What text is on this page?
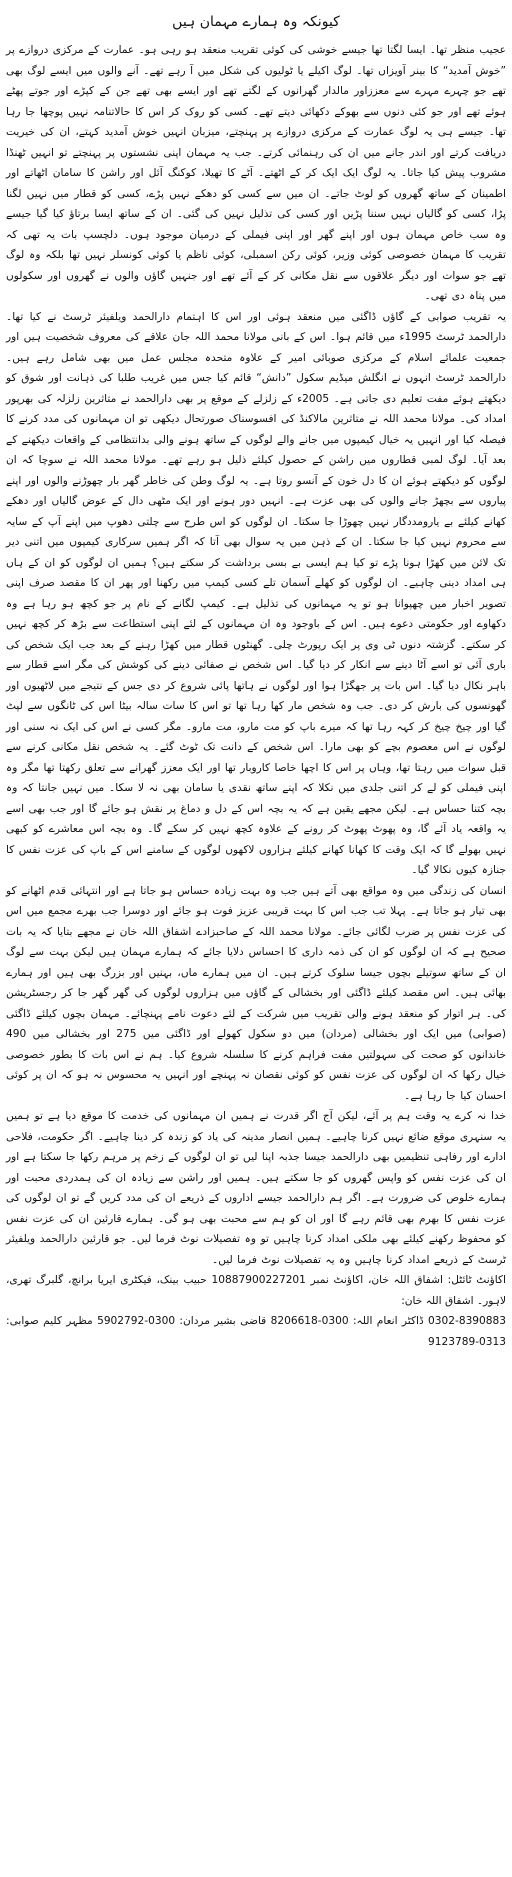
کیونکہ وہ ہمارے مہمان ہیں

عجیب منظر تھا۔ ایسا لگتا تھا جیسے خوشی کی کوئی تقریب منعقد ہو رہی ہو۔ عمارت کے مرکزی دروازے پر ”خوش آمدید“ کا بینر آویزاں تھا۔ لوگ اکیلے یا ٹولیوں کی شکل میں آ رہے تھے۔ آنے والوں میں ایسے لوگ بھی تھے جو چہرے مہرے سے معززاور مالدار گھرانوں کے لگتے تھے اور ایسے بھی تھے جن کے کپڑے اور جوتے پھٹے ہوئے تھے اور جو کئی دنوں سے بھوکے دکھائی دیتے تھے۔ کسی کو روک کر اس کا حالاتنامہ نہیں پوچھا جا رہا تھا۔ جیسے ہی یہ لوگ عمارت کے مرکزی دروازے پر پہنچتے، میزبان انہیں خوش آمدید کہتے، ان کی خیریت دریافت کرتے اور اندر جانے میں ان کی رہنمائی کرتے۔ جب یہ مہمان اپنی نشستوں پر پہنچتے تو انہیں ٹھنڈا مشروب پیش کیا جاتا۔ یہ لوگ ایک ایک کر کے اٹھتے۔ آٹے کا تھیلا، کوکنگ آئل اور راشن کا سامان اٹھاتے اور اطمینان کے ساتھ گھروں کو لوٹ جاتے۔ ان میں سے کسی کو دھکے نہیں پڑے، کسی کو قطار میں نہیں لگنا پڑا، کسی کو گالیاں نہیں سننا پڑیں اور کسی کی تذلیل نہیں کی گئی۔ ان کے ساتھ ایسا برتاؤ کیا گیا جیسے وہ سب خاص مہمان ہوں اور اپنے گھر اور اپنی فیملی کے درمیان موجود ہوں۔ دلچسپ بات یہ تھی کہ تقریب کا مہمان خصوصی کوئی وزیر، کوئی رکن اسمبلی، کوئی ناظم یا کوئی کونسلر نہیں تھا بلکہ وہ لوگ تھے جو سوات اور دیگر علاقوں سے نقل مکانی کر کے آئے تھے اور جنہیں گاؤں والوں نے گھروں اور سکولوں میں پناہ دی تھی۔

یہ تقریب صوابی کے گاؤں ڈاگئی میں منعقد ہوئی اور اس کا اہتمام دارالحمد ویلفیئر ٹرسٹ نے کیا تھا۔ دارالحمد ٹرسٹ 1995ء میں قائم ہوا۔ اس کے بانی مولانا محمد اللہ جان علاقے کی معروف شخصیت ہیں اور جمعیت علمائے اسلام کے مرکزی صوبائی امیر کے علاوہ متحدہ مجلس عمل میں بھی شامل رہے ہیں۔ دارالحمد ٹرسٹ انہوں نے انگلش میڈیم سکول ”دانش“ قائم کیا جس میں غریب طلبا کی ذہانت اور شوق کو دیکھتے ہوئے مفت تعلیم دی جاتی ہے۔ 2005ء کے زلزلے کے موقع پر بھی دارالحمد نے متاثرین زلزلہ کی بھرپور امداد کی۔ مولانا محمد اللہ نے متاثرین مالاکنڈ کی افسوسناک صورتحال دیکھی تو ان مہمانوں کی مدد کرنے کا فیصلہ کیا اور انہیں یہ خیال کیمپوں میں جانے والے لوگوں کے ساتھ ہونے والی بدانتظامی کے واقعات دیکھنے کے بعد آیا۔ لوگ لمبی قطاروں میں راشن کے حصول کیلئے ذلیل ہو رہے تھے۔ مولانا محمد اللہ نے سوچا کہ ان لوگوں کو دیکھتے ہوئے ان کا دل خون کے آنسو روتا ہے۔ یہ لوگ وطن کی خاطر گھر بار چھوڑنے والوں اور اپنے پیاروں سے بچھڑ جانے والوں کی بھی عزت ہے۔ انہیں دور ہونے اور ایک مٹھی دال کے عوض گالیاں اور دھکے کھانے کیلئے بے یارومددگار نہیں چھوڑا جا سکتا۔ ان لوگوں کو اس طرح سے چلتی دھوپ میں اپنے آپ کے سایہ سے محروم نہیں کیا جا سکتا۔ ان کے ذہن میں یہ سوال بھی آتا کہ اگر ہمیں سرکاری کیمپوں میں اتنی دیر تک لائن میں کھڑا ہونا پڑے تو کیا ہم ایسی بے بسی برداشت کر سکتے ہیں؟ ہمیں ان لوگوں کو ان کے ہاں ہی امداد دینی چاہیے۔ ان لوگوں کو کھلے آسمان تلے کسی کیمپ میں رکھنا اور پھر ان کا مقصد صرف اپنی تصویر اخبار میں چھپوانا ہو تو یہ مہمانوں کی تذلیل ہے۔ کیمپ لگانے کے نام پر جو کچھ ہو رہا ہے وہ دکھاوے اور حکومتی دعوے ہیں۔ اس کے باوجود وہ ان مہمانوں کے لئے اپنی استطاعت سے بڑھ کر کچھ نہیں کر سکتے۔ گزشتہ دنوں ٹی وی پر ایک رپورٹ چلی۔ گھنٹوں قطار میں کھڑا رہنے کے بعد جب ایک شخص کی باری آئی تو اسے آٹا دینے سے انکار کر دیا گیا۔ اس شخص نے صفائی دینے کی کوشش کی مگر اسے قطار سے باہر نکال دیا گیا۔ اس بات پر جھگڑا ہوا اور لوگوں نے ہاتھا پائی شروع کر دی جس کے نتیجے میں لاٹھیوں اور گھونسوں کی بارش کر دی۔ جب وہ شخص مار کھا رہا تھا تو اس کا سات سالہ بیٹا اس کی ٹانگوں سے لپٹ گیا اور چیخ چیخ کر کہہ رہا تھا کہ میرے باپ کو مت مارو، مت مارو۔ مگر کسی نے اس کی ایک نہ سنی اور لوگوں نے اس معصوم بچے کو بھی مارا۔ اس شخص کے دانت تک ٹوٹ گئے۔ یہ شخص نقل مکانی کرنے سے قبل سوات میں رہتا تھا، وہاں پر اس کا اچھا خاصا کاروبار تھا اور ایک معزز گھرانے سے تعلق رکھتا تھا مگر وہ اپنی فیملی کو لے کر اتنی جلدی میں نکلا کہ اپنے ساتھ نقدی یا سامان بھی نہ لا سکا۔ میں نہیں جانتا کہ وہ بچہ کتنا حساس ہے۔ لیکن مجھے یقین ہے کہ یہ بچہ اس کے دل و دماغ پر نقش ہو جائے گا اور جب بھی اسے یہ واقعہ یاد آئے گا، وہ پھوٹ پھوٹ کر رونے کے علاوہ کچھ نہیں کر سکے گا۔ وہ بچہ اس معاشرے کو کبھی نہیں بھولے گا کہ ایک وقت کا کھانا کھانے کیلئے ہزاروں لاکھوں لوگوں کے سامنے اس کے باپ کی عزت نفس کا جنازہ کیوں نکالا گیا۔

انسان کی زندگی میں وہ مواقع بھی آتے ہیں جب وہ بہت زیادہ حساس ہو جاتا ہے اور انتہائی قدم اٹھانے کو بھی تیار ہو جاتا ہے۔ پہلا تب جب اس کا بہت قریبی عزیز فوت ہو جائے اور دوسرا جب بھرے مجمع میں اس کی عزت نفس پر ضرب لگائی جائے۔ مولانا محمد اللہ کے صاحبزادے اشفاق اللہ خان نے مجھے بتایا کہ یہ بات صحیح ہے کہ ان لوگوں کو ان کی ذمہ داری کا احساس دلایا جائے کہ ہمارے مہمان ہیں لیکن بہت سے لوگ ان کے ساتھ سوتیلے بچوں جیسا سلوک کرتے ہیں۔ ان میں ہمارے ماں، بہنیں اور بزرگ بھی ہیں اور ہمارے بھائی ہیں۔ اس مقصد کیلئے ڈاگئی اور بخشالی کے گاؤں میں ہزاروں لوگوں کی گھر گھر جا کر رجسٹریشن کی۔ ہر اتوار کو منعقد ہونے والی تقریب میں شرکت کے لئے دعوت نامے پہنچائے۔ مہمان بچوں کیلئے ڈاگئی (صوابی) میں ایک اور بخشالی (مردان) میں دو سکول کھولے اور ڈاگئی میں 275 اور بخشالی میں 490 خاندانوں کو صحت کی سہولتیں مفت فراہم کرنے کا سلسلہ شروع کیا۔ ہم نے اس بات کا بطور خصوصی خیال رکھا کہ ان لوگوں کی عزت نفس کو کوئی نقصان نہ پہنچے اور انہیں یہ محسوس نہ ہو کہ ان پر کوئی احسان کیا جا رہا ہے۔

خدا نہ کرے یہ وقت ہم پر آئے، لیکن آج اگر قدرت نے ہمیں ان مہمانوں کی خدمت کا موقع دیا ہے تو ہمیں یہ سنہری موقع ضائع نہیں کرنا چاہیے۔ ہمیں انصار مدینہ کی یاد کو زندہ کر دینا چاہیے۔ اگر حکومت، فلاحی ادارے اور رفاہی تنظیمیں بھی دارالحمد جیسا جذبہ اپنا لیں تو ان لوگوں کے زخم پر مرہم رکھا جا سکتا ہے اور ان کی عزت نفس کو واپس گھروں کو جا سکتے ہیں۔ ہمیں اور راشن سے زیادہ ان کی ہمدردی محبت اور ہمارے خلوص کی ضرورت ہے۔ اگر ہم دارالحمد جیسے اداروں کے ذریعے ان کی مدد کریں گے تو ان لوگوں کی عزت نفس کا بھرم بھی قائم رہے گا اور ان کو ہم سے محبت بھی ہو گی۔ ہمارے قارئین ان کی عزت نفس کو محفوظ رکھنے کیلئے بھی ملکی امداد کرنا چاہیں تو وہ تفصیلات نوٹ فرما لیں۔ جو قارئین دارالحمد ویلفیئر ٹرسٹ کے ذریعے امداد کرنا چاہیں وہ یہ تفصیلات نوٹ فرما لیں۔

اکاؤنٹ ٹائٹل: اشفاق اللہ خان، اکاؤنٹ نمبر 10887900227201 حبیب بینک، فیکٹری ایریا برانچ، گلبرگ تھری، لاہور۔ اشفاق اللہ خان:
0302-8390883 ڈاکٹر انعام اللہ: 0300-8206618 قاضی بشیر مردان: 0300-5902792 مظہر کلیم صوابی: 0313-9123789
